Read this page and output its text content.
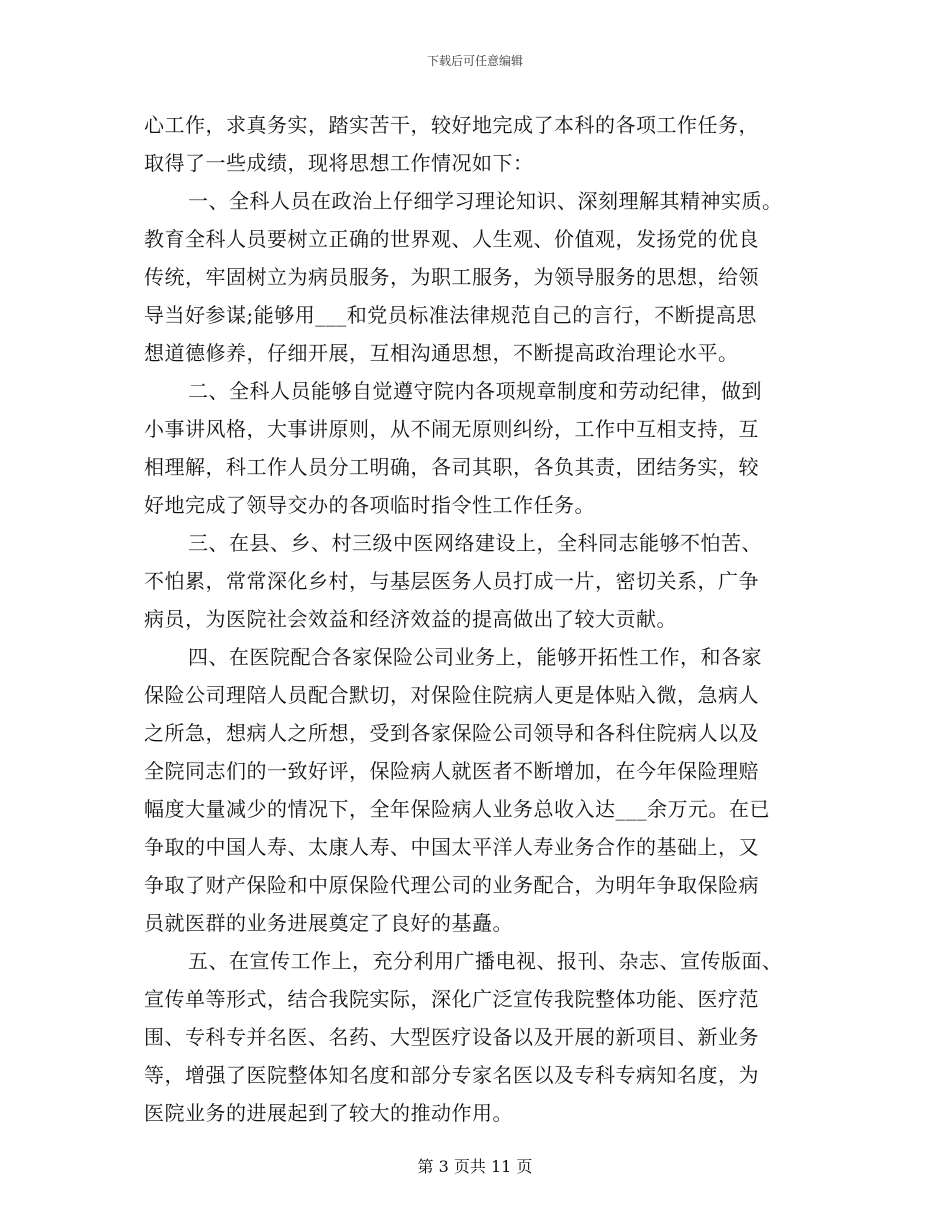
下载后可任意编辑
心工作，求真务实，踏实苦干，较好地完成了本科的各项工作任务，
取得了一些成绩，现将思想工作情况如下：
一、全科人员在政治上仔细学习理论知识、深刻理解其精神实质。
教育全科人员要树立正确的世界观、人生观、价值观，发扬党的优良
传统，牢固树立为病员服务，为职工服务，为领导服务的思想，给领
导当好参谋;能够用___和党员标准法律规范自己的言行，不断提高思
想道德修养，仔细开展，互相沟通思想，不断提高政治理论水平。
二、全科人员能够自觉遵守院内各项规章制度和劳动纪律，做到
小事讲风格，大事讲原则，从不闹无原则纠纷，工作中互相支持，互
相理解，科工作人员分工明确，各司其职，各负其责，团结务实，较
好地完成了领导交办的各项临时指令性工作任务。
三、在县、乡、村三级中医网络建设上，全科同志能够不怕苦、
不怕累，常常深化乡村，与基层医务人员打成一片，密切关系，广争
病员，为医院社会效益和经济效益的提高做出了较大贡献。
四、在医院配合各家保险公司业务上，能够开拓性工作，和各家
保险公司理陪人员配合默切，对保险住院病人更是体贴入微，急病人
之所急，想病人之所想，受到各家保险公司领导和各科住院病人以及
全院同志们的一致好评，保险病人就医者不断增加，在今年保险理赔
幅度大量减少的情况下，全年保险病人业务总收入达___余万元。在已
争取的中国人寿、太康人寿、中国太平洋人寿业务合作的基础上，又
争取了财产保险和中原保险代理公司的业务配合，为明年争取保险病
员就医群的业务进展奠定了良好的基矗。
五、在宣传工作上，充分利用广播电视、报刊、杂志、宣传版面、
宣传单等形式，结合我院实际，深化广泛宣传我院整体功能、医疗范
围、专科专并名医、名药、大型医疗设备以及开展的新项目、新业务
等，增强了医院整体知名度和部分专家名医以及专科专病知名度，为
医院业务的进展起到了较大的推动作用。
第 3 页共 11 页
